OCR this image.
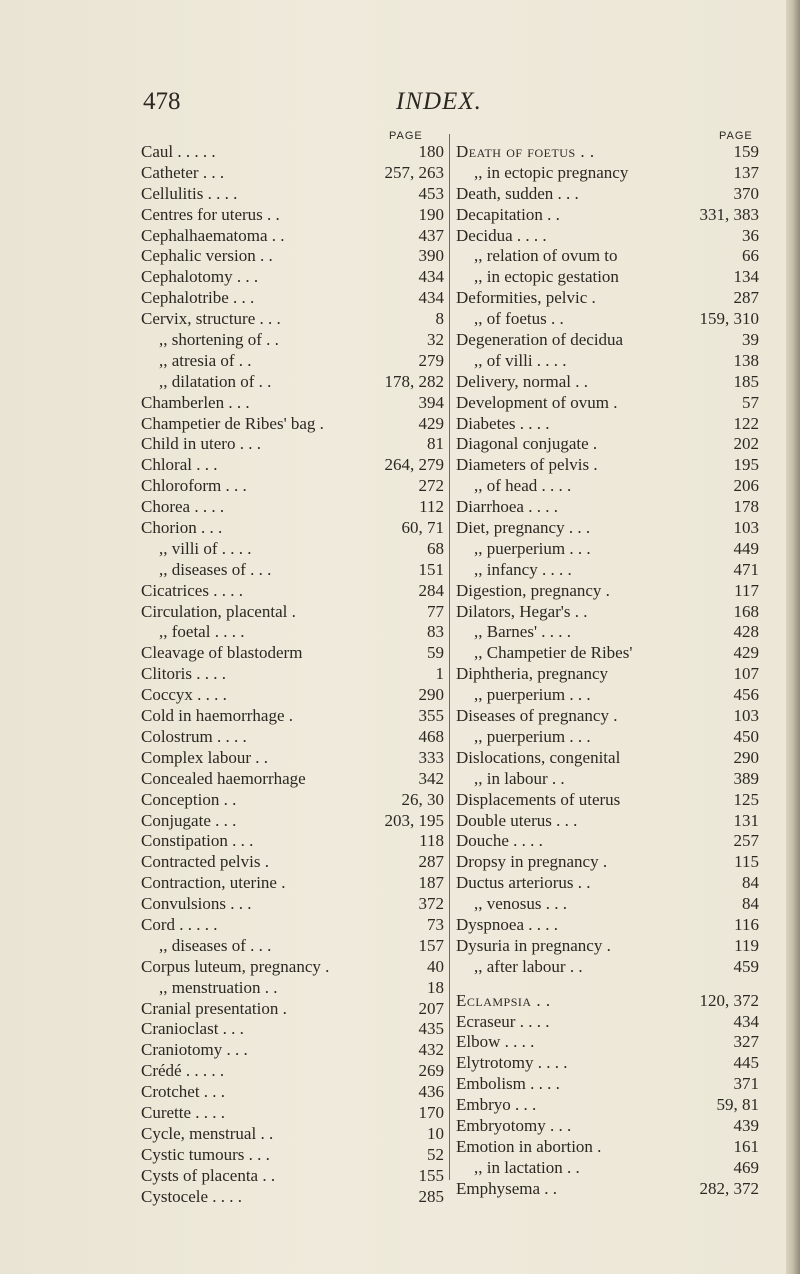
478	INDEX.
PAGE
Caul . . . . .	180
Catheter . . .	257, 263
Cellulitis . . . .	453
Centres for uterus . .	190
Cephalhaematoma . .	437
Cephalic version . .	390
Cephalotomy . . .	434
Cephalotribe . . .	434
Cervix, structure . . .	8
,, shortening of . .	32
,, atresia of . .	279
,, dilatation of . .	178, 282
Chamberlen . . .	394
Champetier de Ribes' bag .	429
Child in utero . . .	81
Chloral . . .	264, 279
Chloroform . . .	272
Chorea . . . .	112
Chorion . . .	60, 71
,, villi of . . . .	68
,, diseases of . . .	151
Cicatrices . . . .	284
Circulation, placental .	77
,, foetal . . . .	83
Cleavage of blastoderm	59
Clitoris . . . .	1
Coccyx . . . .	290
Cold in haemorrhage .	355
Colostrum . . . .	468
Complex labour . .	333
Concealed haemorrhage	342
Conception . .	26, 30
Conjugate . . .	203, 195
Constipation . . .	118
Contracted pelvis .	287
Contraction, uterine .	187
Convulsions . . .	372
Cord . . . . .	73
,, diseases of . . .	157
Corpus luteum, pregnancy .	40
,, menstruation . .	18
Cranial presentation .	207
Cranioclast . . .	435
Craniotomy . . .	432
Crédé . . . . .	269
Crotchet . . .	436
Curette . . . .	170
Cycle, menstrual . .	10
Cystic tumours . . .	52
Cysts of placenta . .	155
Cystocele . . . .	285
PAGE
Death of foetus . .	159
,, in ectopic pregnancy	137
Death, sudden . . .	370
Decapitation . .	331, 383
Decidua . . . .	36
,, relation of ovum to	66
,, in ectopic gestation	134
Deformities, pelvic .	287
,, of foetus . .	159, 310
Degeneration of decidua	39
,, of villi . . . .	138
Delivery, normal . .	185
Development of ovum .	57
Diabetes . . . .	122
Diagonal conjugate .	202
Diameters of pelvis .	195
,, of head . . . .	206
Diarrhoea . . . .	178
Diet, pregnancy . . .	103
,, puerperium . . .	449
,, infancy . . . .	471
Digestion, pregnancy .	117
Dilators, Hegar's . .	168
,, Barnes' . . . .	428
,, Champetier de Ribes'	429
Diphtheria, pregnancy	107
,, puerperium . . .	456
Diseases of pregnancy .	103
,, puerperium . . .	450
Dislocations, congenital	290
,, in labour . .	389
Displacements of uterus	125
Double uterus . . .	131
Douche . . . .	257
Dropsy in pregnancy .	115
Ductus arteriorus . .	84
,, venosus . . .	84
Dyspnoea . . . .	116
Dysuria in pregnancy .	119
,, after labour . .	459
Eclampsia . .	120, 372
Ecraseur . . . .	434
Elbow . . . .	327
Elytrotomy . . . .	445
Embolism . . . .	371
Embryo . . .	59, 81
Embryotomy . . .	439
Emotion in abortion .	161
,, in lactation . .	469
Emphysema . .	282, 372
